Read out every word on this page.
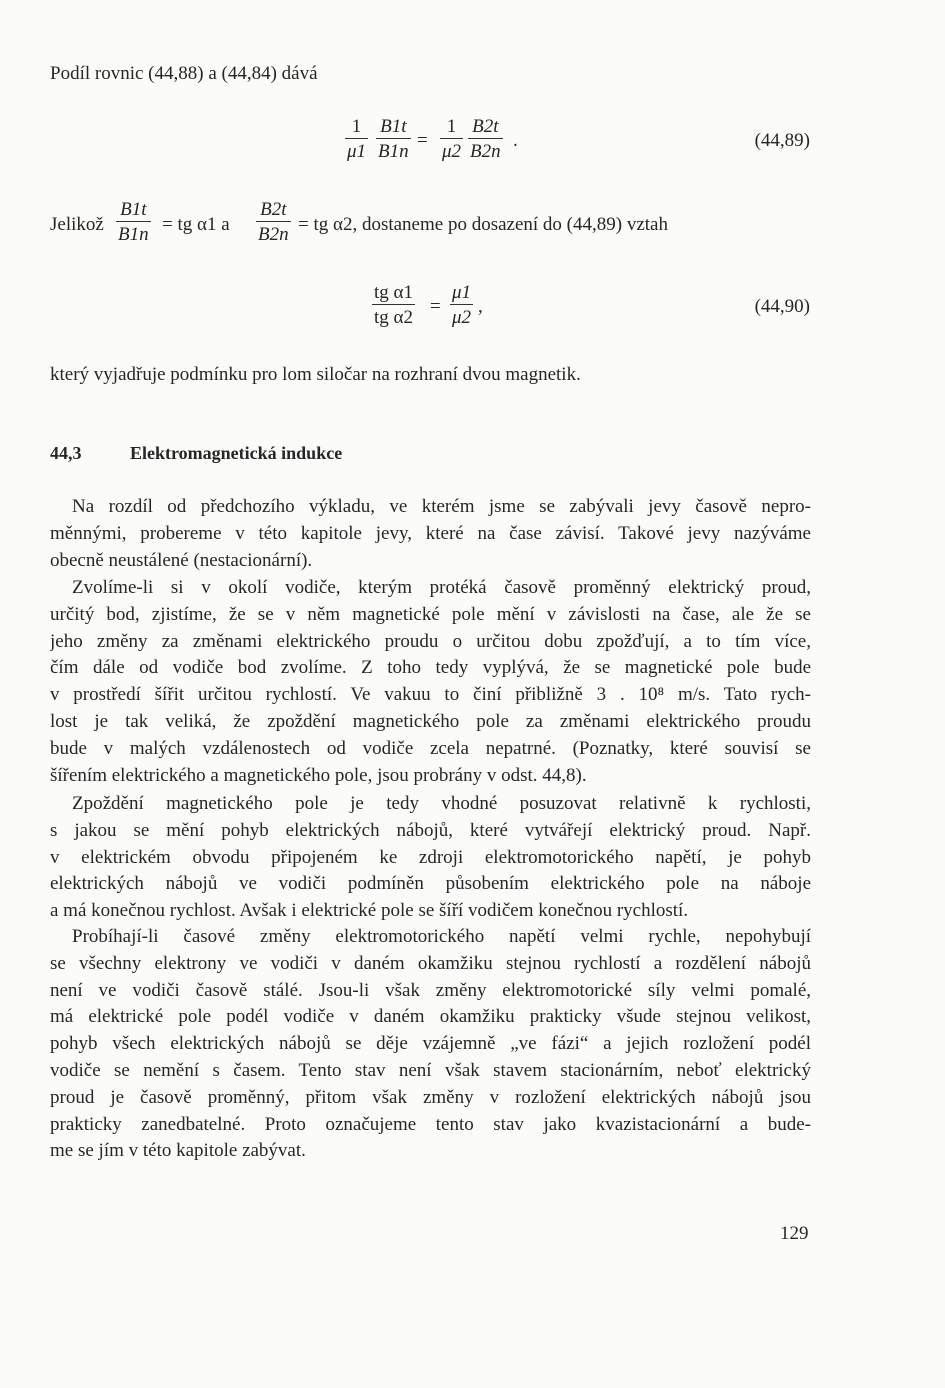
Podíl rovnic (44,88) a (44,84) dává
$\frac{1}{\mu 1} \frac{B1t}{B1n} = \frac{1}{\mu 2} \frac{B2t}{B2n}$ .	(44,89)
Jelikož $\frac{B1t}{B1n}$ = tg α1 a $\frac{B2t}{B2n}$ = tg α2, dostaneme po dosazení do (44,89) vztah
$\frac{\text{tg α1}}{\text{tg α2}} = \frac{\mu 1}{\mu 2}$ ,	(44,90)
který vyjadřuje podmínku pro lom siločar na rozhraní dvou magnetik.
44,3	Elektromagnetická indukce
Na rozdíl od předchozího výkladu, ve kterém jsme se zabývali jevy časově nepro-
měnnými, probereme v této kapitole jevy, které na čase závisí. Takové jevy nazýváme
obecně neustálené (nestacionární).
Zvolíme-li si v okolí vodiče, kterým protéká časově proměnný elektrický proud,
určitý bod, zjistíme, že se v něm magnetické pole mění v závislosti na čase, ale že se
jeho změny za změnami elektrického proudu o určitou dobu zpožďují, a to tím více,
čím dále od vodiče bod zvolíme. Z toho tedy vyplývá, že se magnetické pole bude
v prostředí šířit určitou rychlostí. Ve vakuu to činí přibližně 3 . 10⁸ m/s. Tato rych-
lost je tak veliká, že zpoždění magnetického pole za změnami elektrického proudu
bude v malých vzdálenostech od vodiče zcela nepatrné. (Poznatky, které souvisí se
šířením elektrického a magnetického pole, jsou probrány v odst. 44,8).
Zpoždění magnetického pole je tedy vhodné posuzovat relativně k rychlosti,
s jakou se mění pohyb elektrických nábojů, které vytvářejí elektrický proud. Např.
v elektrickém obvodu připojeném ke zdroji elektromotorického napětí, je pohyb
elektrických nábojů ve vodiči podmíněn působením elektrického pole na náboje
a má konečnou rychlost. Avšak i elektrické pole se šíří vodičem konečnou rychlostí.
Probíhají-li časové změny elektromotorického napětí velmi rychle, nepohybují
se všechny elektrony ve vodiči v daném okamžiku stejnou rychlostí a rozdělení nábojů
není ve vodiči časově stálé. Jsou-li však změny elektromotorické síly velmi pomalé,
má elektrické pole podél vodiče v daném okamžiku prakticky všude stejnou velikost,
pohyb všech elektrických nábojů se děje vzájemně „ve fázi“ a jejich rozložení podél
vodiče se nemění s časem. Tento stav není však stavem stacionárním, neboť elektrický
proud je časově proměnný, přitom však změny v rozložení elektrických nábojů jsou
prakticky zanedbatelné. Proto označujeme tento stav jako kvazistacionární a bude-
me se jím v této kapitole zabývat.
129
